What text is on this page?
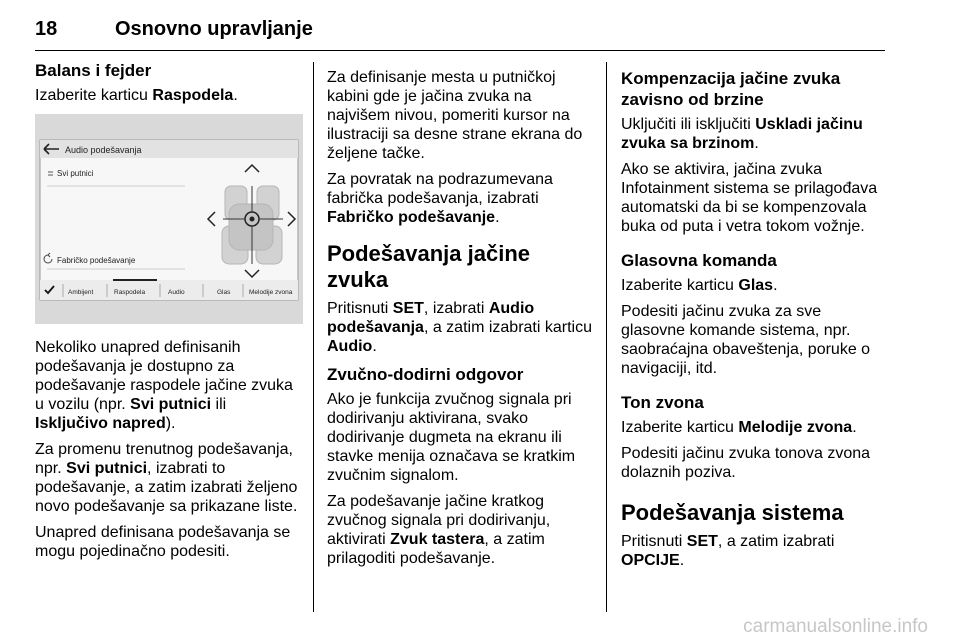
18	Osnovno upravljanje
Balans i fejder

Izaberite karticu Raspodela.

Audio podešavanja
Svi putnici
Fabričko podešavanje
Ambijent	Raspodela	Audio	Glas	Melodije zvona

Nekoliko unapred definisanih podešavanja je dostupno za podešavanje raspodele jačine zvuka u vozilu (npr. Svi putnici ili Isključivo napred).

Za promenu trenutnog podešavanja, npr. Svi putnici, izabrati to podešavanje, a zatim izabrati željeno novo podešavanje sa prikazane liste.

Unapred definisana podešavanja se mogu pojedinačno podesiti.

Za definisanje mesta u putničkoj kabini gde je jačina zvuka na najvišem nivou, pomeriti kursor na ilustraciji sa desne strane ekrana do željene tačke.

Za povratak na podrazumevana fabrička podešavanja, izabrati Fabričko podešavanje.

Podešavanja jačine zvuka

Pritisnuti SET, izabrati Audio podešavanja, a zatim izabrati karticu Audio.

Zvučno-dodirni odgovor

Ako je funkcija zvučnog signala pri dodirivanju aktivirana, svako dodirivanje dugmeta na ekranu ili stavke menija označava se kratkim zvučnim signalom.

Za podešavanje jačine kratkog zvučnog signala pri dodirivanju, aktivirati Zvuk tastera, a zatim prilagoditi podešavanje.

Kompenzacija jačine zvuka zavisno od brzine

Uključiti ili isključiti Uskladi jačinu zvuka sa brzinom.

Ako se aktivira, jačina zvuka Infotainment sistema se prilagođava automatski da bi se kompenzovala buka od puta i vetra tokom vožnje.

Glasovna komanda

Izaberite karticu Glas.

Podesiti jačinu zvuka za sve glasovne komande sistema, npr. saobraćajna obaveštenja, poruke o navigaciji, itd.

Ton zvona

Izaberite karticu Melodije zvona.

Podesiti jačinu zvuka tonova zvona dolaznih poziva.

Podešavanja sistema

Pritisnuti SET, a zatim izabrati OPCIJE.

carmanualsonline.info
